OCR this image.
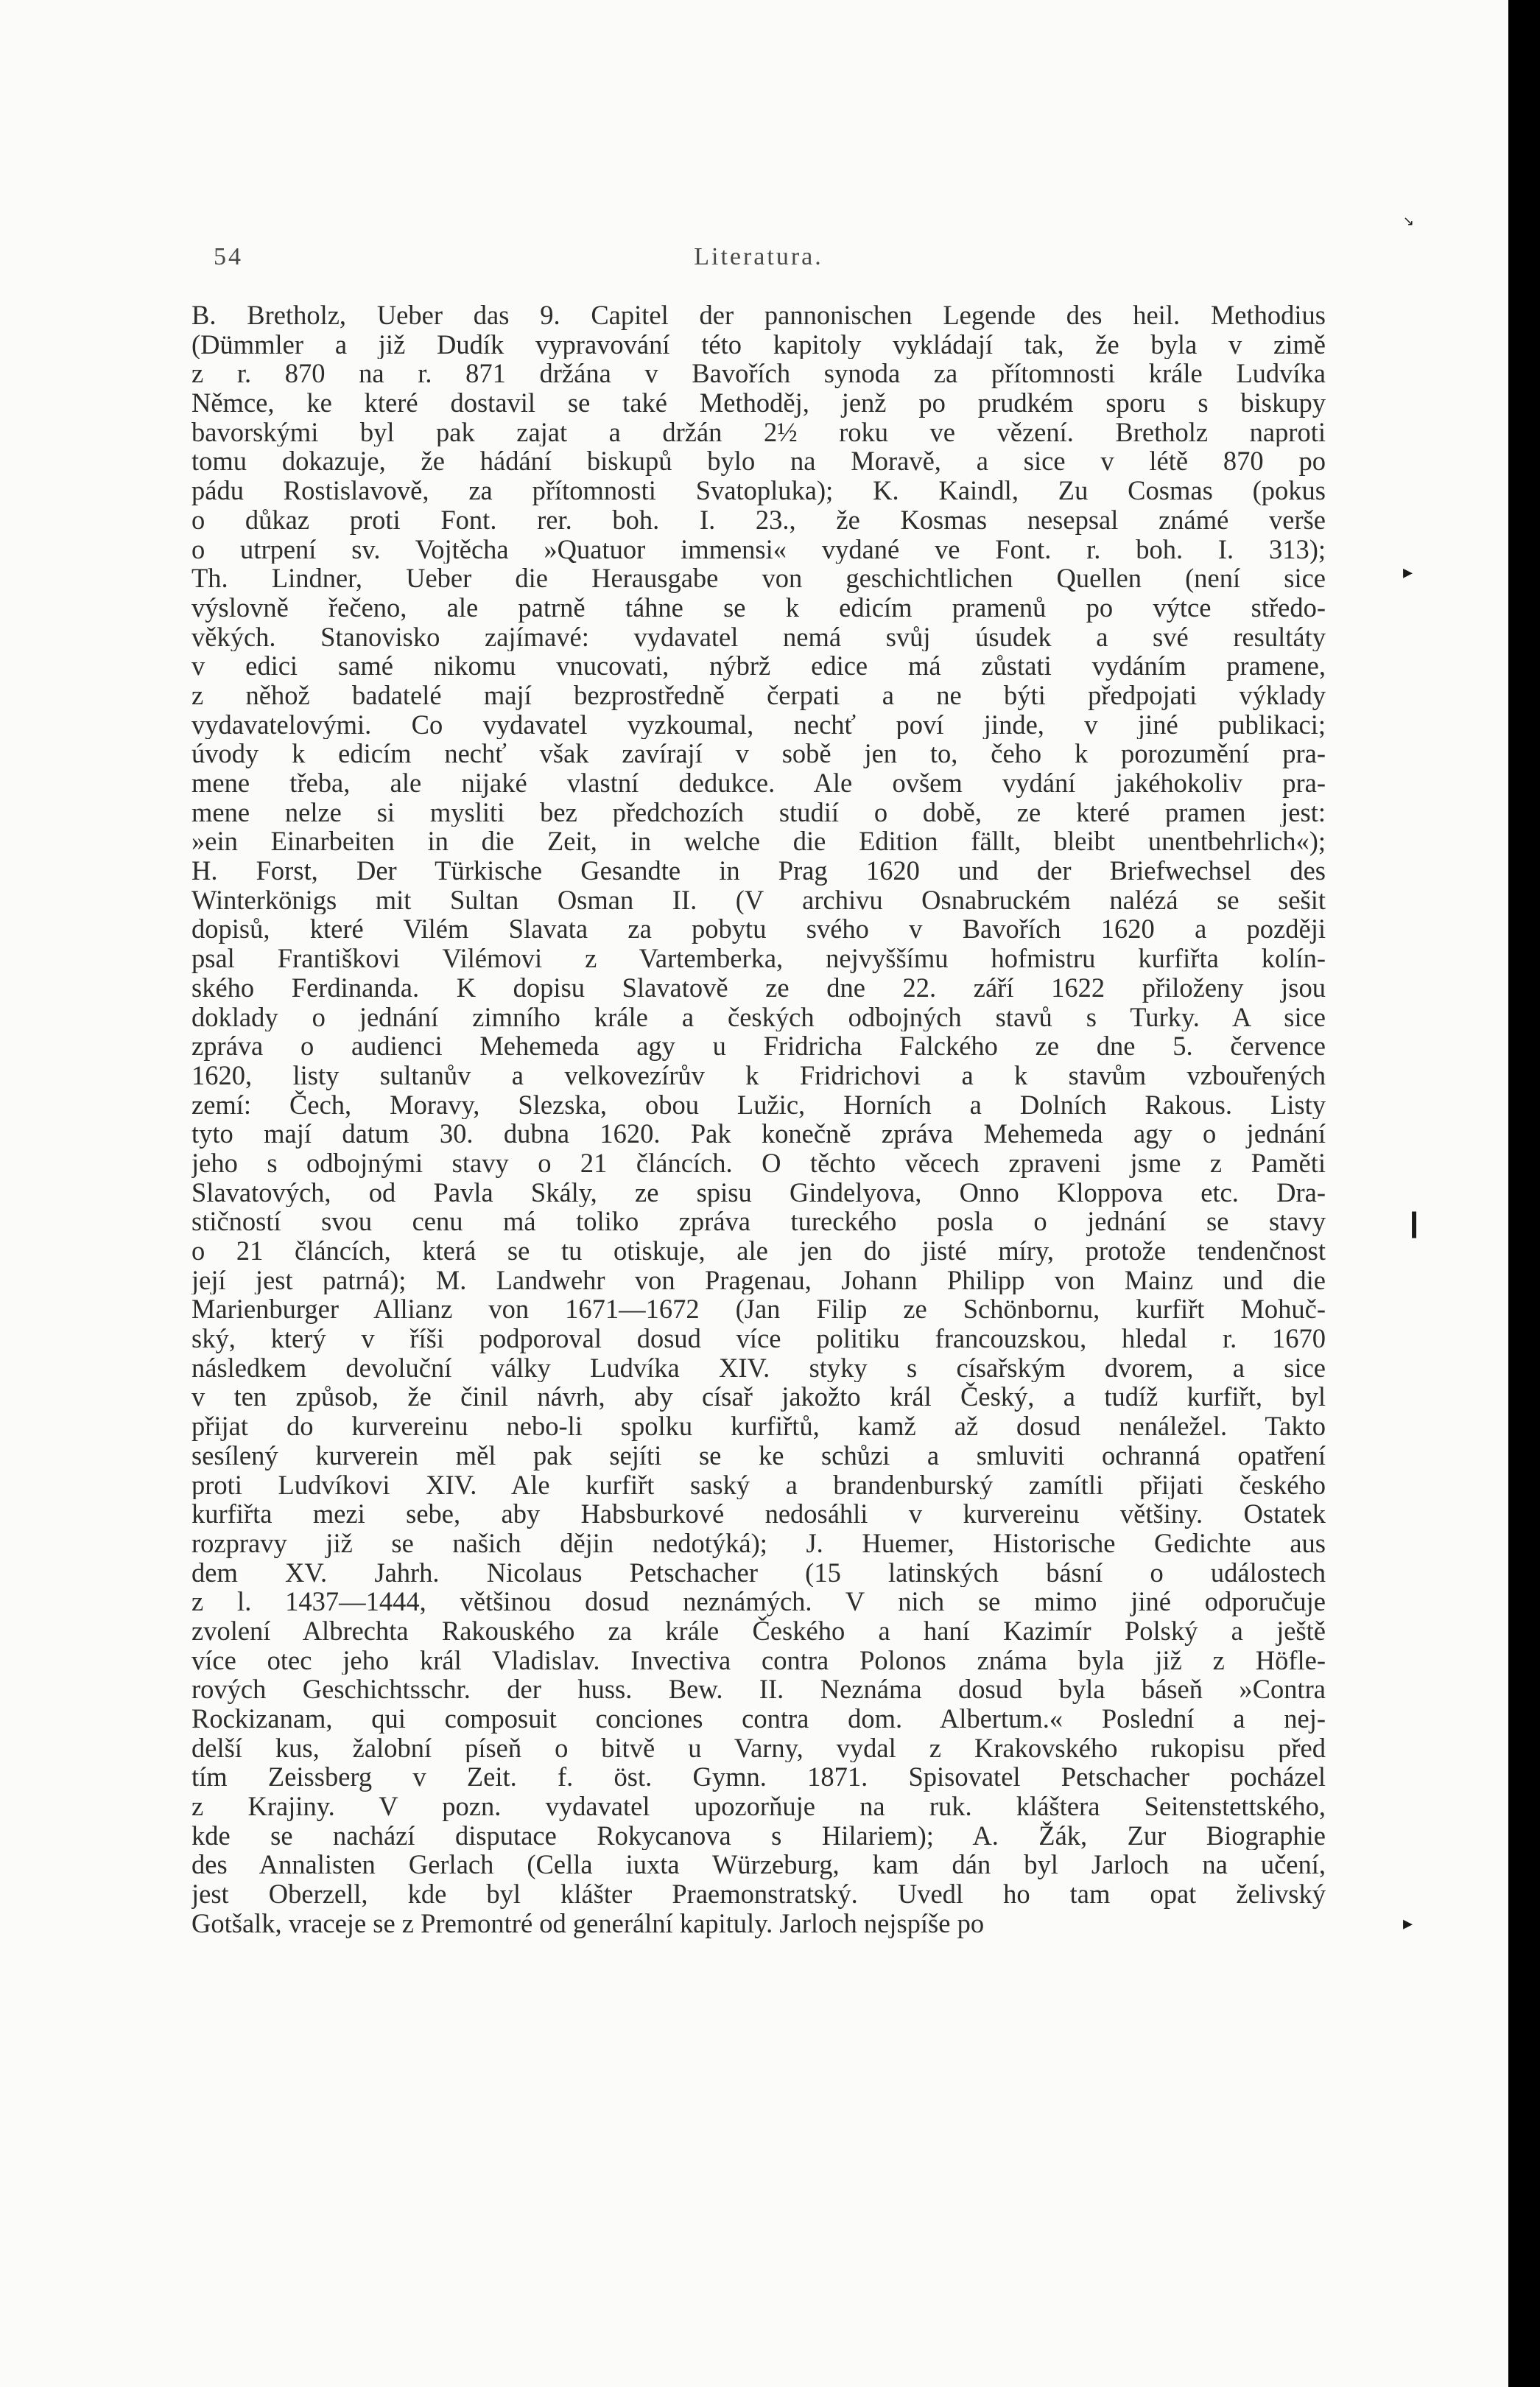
54	Literatura.
B. Bretholz, Ueber das 9. Capitel der pannonischen Legende des heil. Methodius
(Dümmler a již Dudík vypravování této kapitoly vykládají tak, že byla v zimě
z r. 870 na r. 871 držána v Bavořích synoda za přítomnosti krále Ludvíka
Němce, ke které dostavil se také Methoděj, jenž po prudkém sporu s biskupy
bavorskými byl pak zajat a držán 2½ roku ve vězení. Bretholz naproti
tomu dokazuje, že hádání biskupů bylo na Moravě, a sice v létě 870 po
pádu Rostislavově, za přítomnosti Svatopluka); K. Kaindl, Zu Cosmas (pokus
o důkaz proti Font. rer. boh. I. 23., že Kosmas nesepsal známé verše
o utrpení sv. Vojtěcha »Quatuor immensi« vydané ve Font. r. boh. I. 313);
Th. Lindner, Ueber die Herausgabe von geschichtlichen Quellen (není sice
výslovně řečeno, ale patrně táhne se k edicím pramenů po výtce středo-
věkých. Stanovisko zajímavé: vydavatel nemá svůj úsudek a své resultáty
v edici samé nikomu vnucovati, nýbrž edice má zůstati vydáním pramene,
z něhož badatelé mají bezprostředně čerpati a ne býti předpojati výklady
vydavatelovými. Co vydavatel vyzkoumal, nechť poví jinde, v jiné publikaci;
úvody k edicím nechť však zavírají v sobě jen to, čeho k porozumění pra-
mene třeba, ale nijaké vlastní dedukce. Ale ovšem vydání jakéhokoliv pra-
mene nelze si mysliti bez předchozích studií o době, ze které pramen jest:
»ein Einarbeiten in die Zeit, in welche die Edition fällt, bleibt unentbehrlich«);
H. Forst, Der Türkische Gesandte in Prag 1620 und der Briefwechsel des
Winterkönigs mit Sultan Osman II. (V archivu Osnabruckém nalézá se sešit
dopisů, které Vilém Slavata za pobytu svého v Bavořích 1620 a později
psal Františkovi Vilémovi z Vartemberka, nejvyššímu hofmistru kurfiřta kolín-
ského Ferdinanda. K dopisu Slavatově ze dne 22. září 1622 přiloženy jsou
doklady o jednání zimního krále a českých odbojných stavů s Turky. A sice
zpráva o audienci Mehemeda agy u Fridricha Falckého ze dne 5. července
1620, listy sultanův a velkovezírův k Fridrichovi a k stavům vzbouřených
zemí: Čech, Moravy, Slezska, obou Lužic, Horních a Dolních Rakous. Listy
tyto mají datum 30. dubna 1620. Pak konečně zpráva Mehemeda agy o jednání
jeho s odbojnými stavy o 21 článcích. O těchto věcech zpraveni jsme z Paměti
Slavatových, od Pavla Skály, ze spisu Gindelyova, Onno Kloppova etc. Dra-
stičností svou cenu má toliko zpráva tureckého posla o jednání se stavy
o 21 článcích, která se tu otiskuje, ale jen do jisté míry, protože tendenčnost
její jest patrná); M. Landwehr von Pragenau, Johann Philipp von Mainz und die
Marienburger Allianz von 1671—1672 (Jan Filip ze Schönbornu, kurfiřt Mohuč-
ský, který v říši podporoval dosud více politiku francouzskou, hledal r. 1670
následkem devoluční války Ludvíka XIV. styky s císařským dvorem, a sice
v ten způsob, že činil návrh, aby císař jakožto král Český, a tudíž kurfiřt, byl
přijat do kurvereinu nebo-li spolku kurfiřtů, kamž až dosud nenáležel. Takto
sesílený kurverein měl pak sejíti se ke schůzi a smluviti ochranná opatření
proti Ludvíkovi XIV. Ale kurfiřt saský a brandenburský zamítli přijati českého
kurfiřta mezi sebe, aby Habsburkové nedosáhli v kurvereinu většiny. Ostatek
rozpravy již se našich dějin nedotýká); J. Huemer, Historische Gedichte aus
dem XV. Jahrh. Nicolaus Petschacher (15 latinských básní o událostech
z l. 1437—1444, většinou dosud neznámých. V nich se mimo jiné odporučuje
zvolení Albrechta Rakouského za krále Českého a haní Kazimír Polský a ještě
více otec jeho král Vladislav. Invectiva contra Polonos známa byla již z Höfle-
rových Geschichtsschr. der huss. Bew. II. Neznáma dosud byla báseň »Contra
Rockizanam, qui composuit conciones contra dom. Albertum.« Poslední a nej-
delší kus, žalobní píseň o bitvě u Varny, vydal z Krakovského rukopisu před
tím Zeissberg v Zeit. f. öst. Gymn. 1871. Spisovatel Petschacher pocházel
z Krajiny. V pozn. vydavatel upozorňuje na ruk. kláštera Seitenstettského,
kde se nachází disputace Rokycanova s Hilariem); A. Žák, Zur Biographie
des Annalisten Gerlach (Cella iuxta Würzeburg, kam dán byl Jarloch na učení,
jest Oberzell, kde byl klášter Praemonstratský. Uvedl ho tam opat želivský
Gotšalk, vraceje se z Premontré od generální kapituly. Jarloch nejspíše po
↘
▸
❙
▸
